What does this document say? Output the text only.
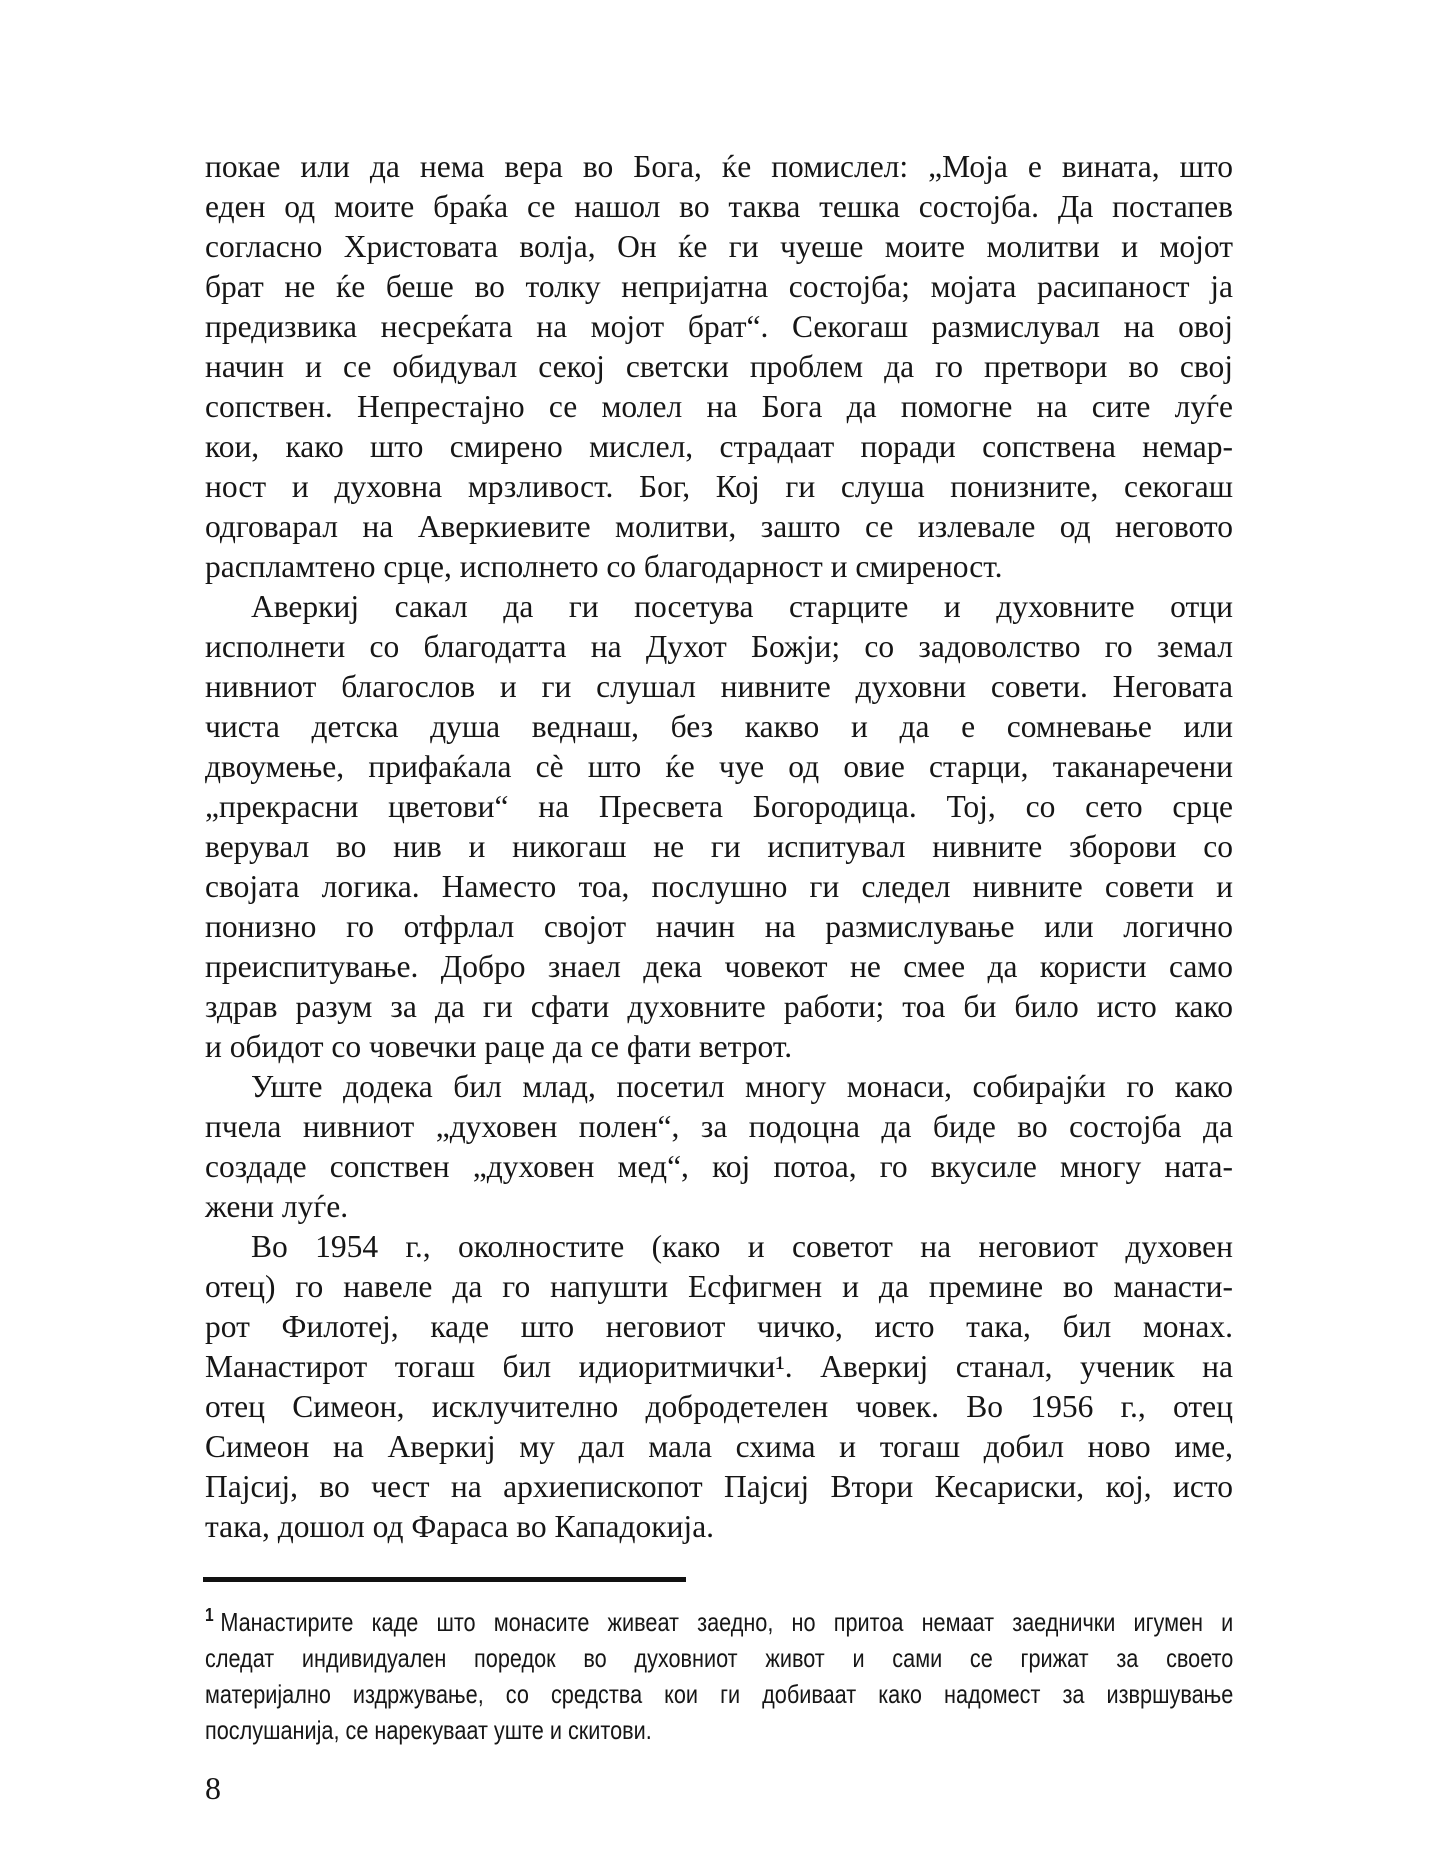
покае или да нема вера во Бога, ќе помислел: „Моја е вината, што
еден од моите браќа се нашол во таква тешка состојба. Да постапев
согласно Христовата волја, Он ќе ги чуеше моите молитви и мојот
брат не ќе беше во толку непријатна состојба; мојата расипаност ја
предизвика несреќата на мојот брат“. Секогаш размислувал на овој
начин и се обидувал секој светски проблем да го претвори во свој
сопствен. Непрестајно се молел на Бога да помогне на сите луѓе
кои, како што смирено мислел, страдаат поради сопствена немар-
ност и духовна мрзливост. Бог, Кој ги слуша понизните, секогаш
одговарал на Аверкиевите молитви, зашто се излевале од неговото
распламтено срце, исполнето со благодарност и смиреност.
Аверкиј сакал да ги посетува старците и духовните отци
исполнети со благодатта на Духот Божји; со задоволство го земал
нивниот благослов и ги слушал нивните духовни совети. Неговата
чиста детска душа веднаш, без какво и да е сомневање или
двоумење, прифаќала сѐ што ќе чуе од овие старци, таканаречени
„прекрасни цветови“ на Пресвета Богородица. Тој, со сето срце
верувал во нив и никогаш не ги испитувал нивните зборови со
својата логика. Наместо тоа, послушно ги следел нивните совети и
понизно го отфрлал својот начин на размислување или логично
преиспитување. Добро знаел дека човекот не смее да користи само
здрав разум за да ги сфати духовните работи; тоа би било исто како
и обидот со човечки раце да се фати ветрот.
Уште додека бил млад, посетил многу монаси, собирајќи го како
пчела нивниот „духовен полен“, за подоцна да биде во состојба да
создаде сопствен „духовен мед“, кој потоа, го вкусиле многу ната-
жени луѓе.
Во 1954 г., околностите (како и советот на неговиот духовен
отец) го навеле да го напушти Есфигмен и да премине во манасти-
рот Филотеј, каде што неговиот чичко, исто така, бил монах.
Манастирот тогаш бил идиоритмички¹. Аверкиј станал, ученик на
отец Симеон, исклучително добродетелен човек. Во 1956 г., отец
Симеон на Аверкиј му дал мала схима и тогаш добил ново име,
Пајсиј, во чест на архиепископот Пајсиј Втори Кесариски, кој, исто
така, дошол од Фараса во Кападокија.
$^1$ Манастирите каде што монасите живеат заедно, но притоа немаат заеднички игумен и
следат индивидуален поредок во духовниот живот и сами се грижат за своето
материјално издржување, со средства кои ги добиваат како надомест за извршување
послушанија, се нарекуваат уште и скитови.
8
